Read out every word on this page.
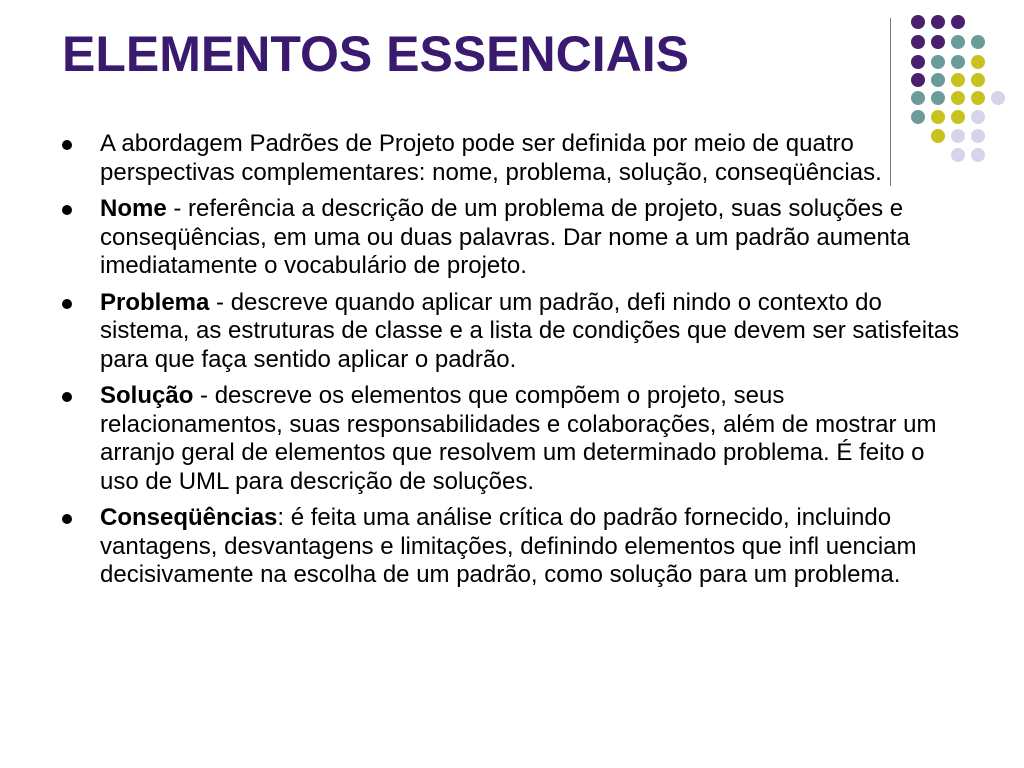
ELEMENTOS ESSENCIAIS
A abordagem Padrões de Projeto pode ser definida por meio de quatro perspectivas complementares: nome, problema, solução, conseqüências.
Nome - referência a descrição de um problema de projeto, suas soluções e conseqüências, em uma ou duas palavras. Dar nome a um padrão aumenta imediatamente o vocabulário de projeto.
Problema - descreve quando aplicar um padrão, defi nindo o contexto do sistema, as estruturas de classe e a lista de condições que devem ser satisfeitas para que faça sentido aplicar o padrão.
Solução - descreve os elementos que compõem o projeto, seus relacionamentos, suas responsabilidades e colaborações, além de mostrar um arranjo geral de elementos que resolvem um determinado problema. É feito o uso de UML para descrição de soluções.
Conseqüências: é feita uma análise crítica do padrão fornecido, incluindo vantagens, desvantagens e limitações, definindo elementos que infl uenciam decisivamente na escolha de um padrão, como solução para um problema.
